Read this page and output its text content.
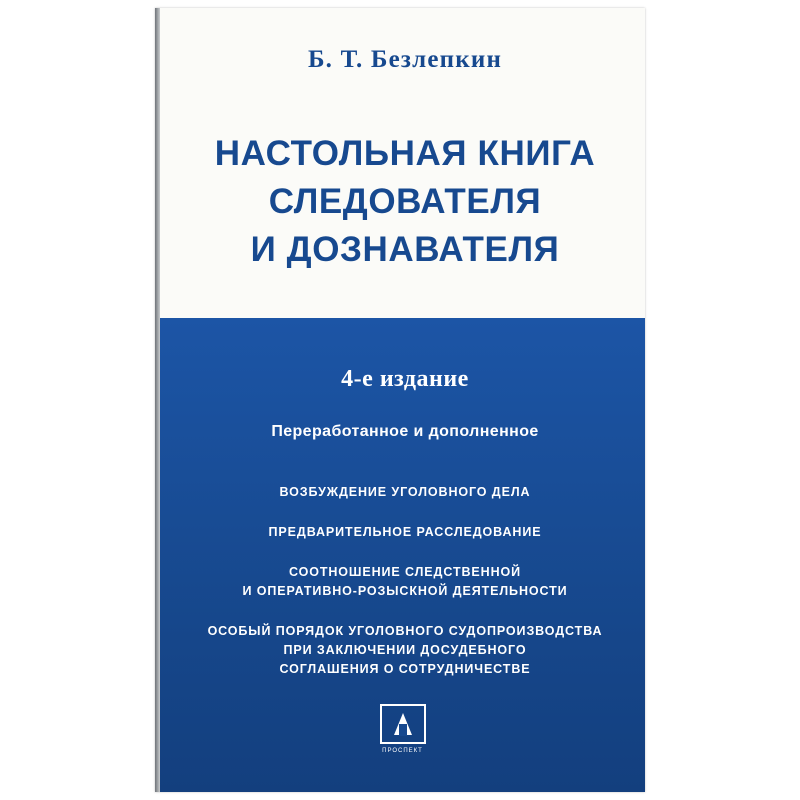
Б. Т. Безлепкин
НАСТОЛЬНАЯ КНИГА
СЛЕДОВАТЕЛЯ
И ДОЗНАВАТЕЛЯ
4-е издание
Переработанное и дополненное
ВОЗБУЖДЕНИЕ УГОЛОВНОГО ДЕЛА
ПРЕДВАРИТЕЛЬНОЕ РАССЛЕДОВАНИЕ
СООТНОШЕНИЕ СЛЕДСТВЕННОЙ
И ОПЕРАТИВНО-РОЗЫСКНОЙ ДЕЯТЕЛЬНОСТИ
ОСОБЫЙ ПОРЯДОК УГОЛОВНОГО СУДОПРОИЗВОДСТВА
ПРИ ЗАКЛЮЧЕНИИ ДОСУДЕБНОГО
СОГЛАШЕНИЯ О СОТРУДНИЧЕСТВЕ
ПРОСПЕКТ
